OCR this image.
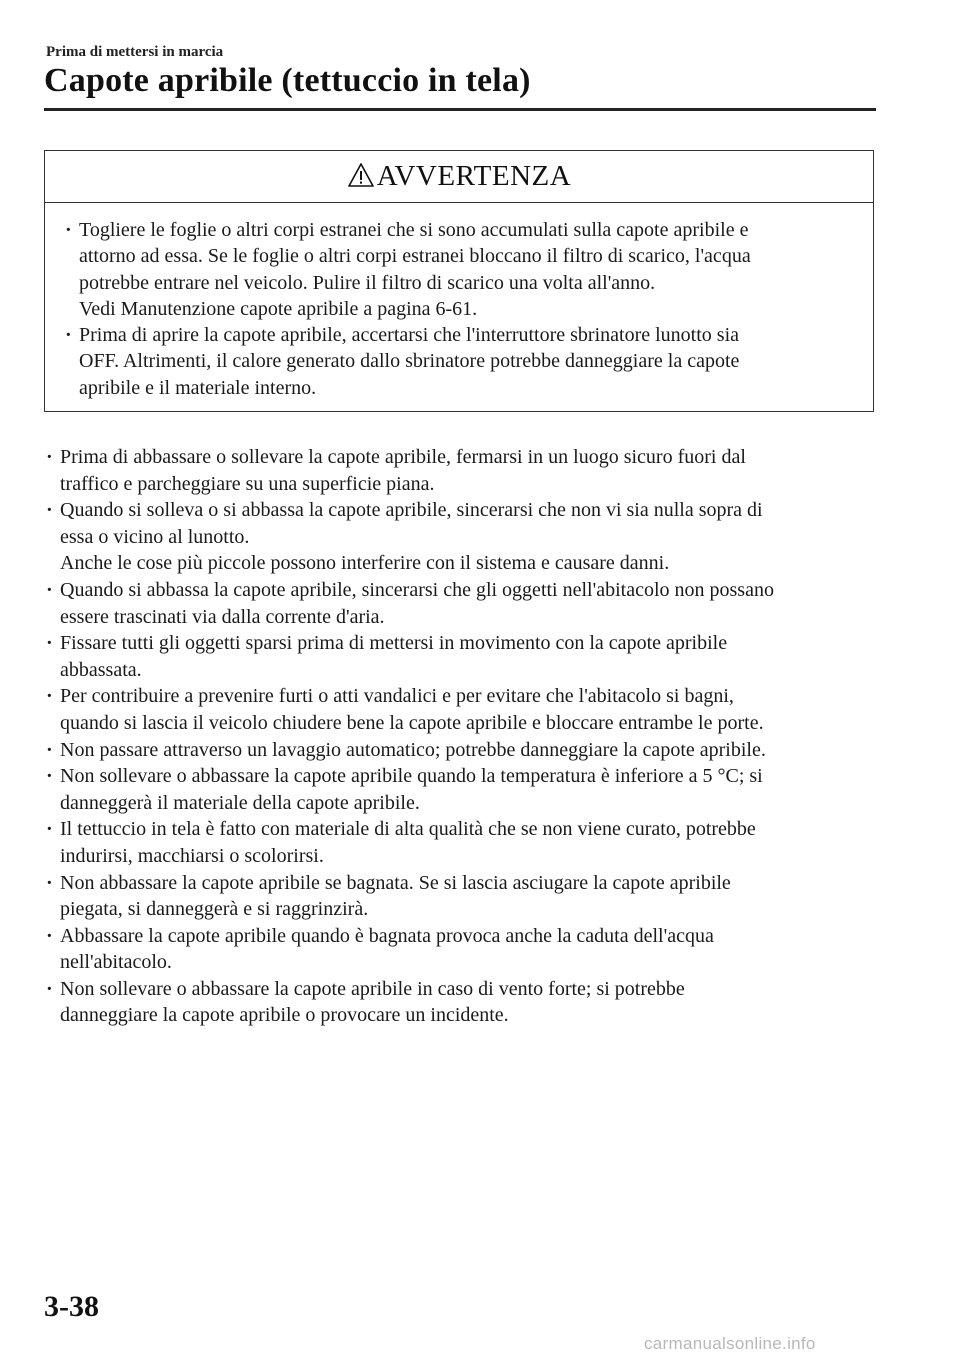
Prima di mettersi in marcia
Capote apribile (tettuccio in tela)
AVVERTENZA
· Togliere le foglie o altri corpi estranei che si sono accumulati sulla capote apribile e
attorno ad essa. Se le foglie o altri corpi estranei bloccano il filtro di scarico, l'acqua
potrebbe entrare nel veicolo. Pulire il filtro di scarico una volta all'anno.
Vedi Manutenzione capote apribile a pagina 6-61.
· Prima di aprire la capote apribile, accertarsi che l'interruttore sbrinatore lunotto sia
OFF. Altrimenti, il calore generato dallo sbrinatore potrebbe danneggiare la capote
apribile e il materiale interno.
· Prima di abbassare o sollevare la capote apribile, fermarsi in un luogo sicuro fuori dal
traffico e parcheggiare su una superficie piana.
· Quando si solleva o si abbassa la capote apribile, sincerarsi che non vi sia nulla sopra di
essa o vicino al lunotto.
Anche le cose più piccole possono interferire con il sistema e causare danni.
· Quando si abbassa la capote apribile, sincerarsi che gli oggetti nell'abitacolo non possano
essere trascinati via dalla corrente d'aria.
· Fissare tutti gli oggetti sparsi prima di mettersi in movimento con la capote apribile
abbassata.
· Per contribuire a prevenire furti o atti vandalici e per evitare che l'abitacolo si bagni,
quando si lascia il veicolo chiudere bene la capote apribile e bloccare entrambe le porte.
· Non passare attraverso un lavaggio automatico; potrebbe danneggiare la capote apribile.
· Non sollevare o abbassare la capote apribile quando la temperatura è inferiore a 5 °C; si
danneggerà il materiale della capote apribile.
· Il tettuccio in tela è fatto con materiale di alta qualità che se non viene curato, potrebbe
indurirsi, macchiarsi o scolorirsi.
· Non abbassare la capote apribile se bagnata. Se si lascia asciugare la capote apribile
piegata, si danneggerà e si raggrinzirà.
· Abbassare la capote apribile quando è bagnata provoca anche la caduta dell'acqua
nell'abitacolo.
· Non sollevare o abbassare la capote apribile in caso di vento forte; si potrebbe
danneggiare la capote apribile o provocare un incidente.
3-38
carmanualsonline.info
